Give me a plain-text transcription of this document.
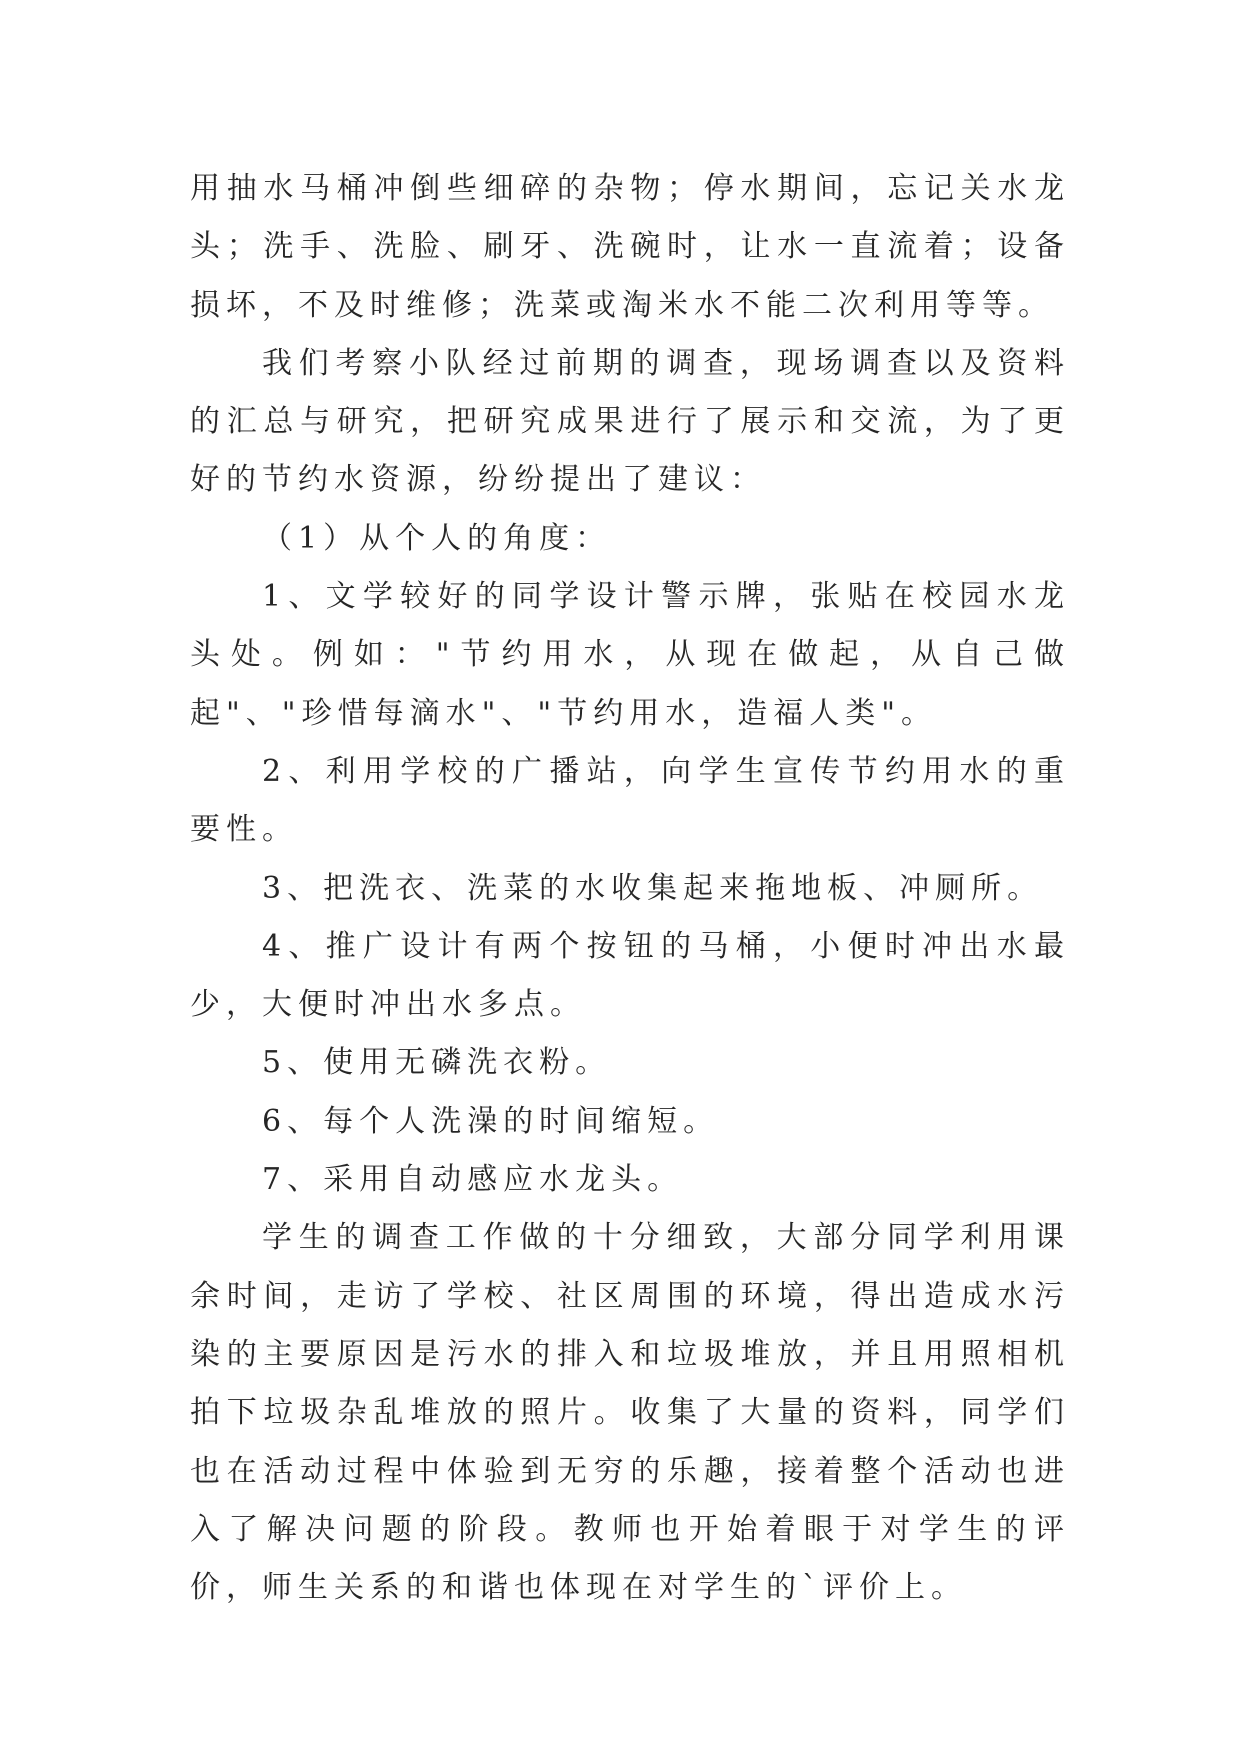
用抽水马桶冲倒些细碎的杂物；停水期间，忘记关水龙头；洗手、洗脸、刷牙、洗碗时，让水一直流着；设备损坏，不及时维修；洗菜或淘米水不能二次利用等等。

我们考察小队经过前期的调查，现场调查以及资料的汇总与研究，把研究成果进行了展示和交流，为了更好的节约水资源，纷纷提出了建议：

（1）从个人的角度：

1、文学较好的同学设计警示牌，张贴在校园水龙头处。例如："节约用水，从现在做起，从自己做起"、"珍惜每滴水"、"节约用水，造福人类"。

2、利用学校的广播站，向学生宣传节约用水的重要性。

3、把洗衣、洗菜的水收集起来拖地板、冲厕所。

4、推广设计有两个按钮的马桶，小便时冲出水最少，大便时冲出水多点。

5、使用无磷洗衣粉。

6、每个人洗澡的时间缩短。

7、采用自动感应水龙头。

学生的调查工作做的十分细致，大部分同学利用课余时间，走访了学校、社区周围的环境，得出造成水污染的主要原因是污水的排入和垃圾堆放，并且用照相机拍下垃圾杂乱堆放的照片。收集了大量的资料，同学们也在活动过程中体验到无穷的乐趣，接着整个活动也进入了解决问题的阶段。教师也开始着眼于对学生的评价，师生关系的和谐也体现在对学生的`评价上。
